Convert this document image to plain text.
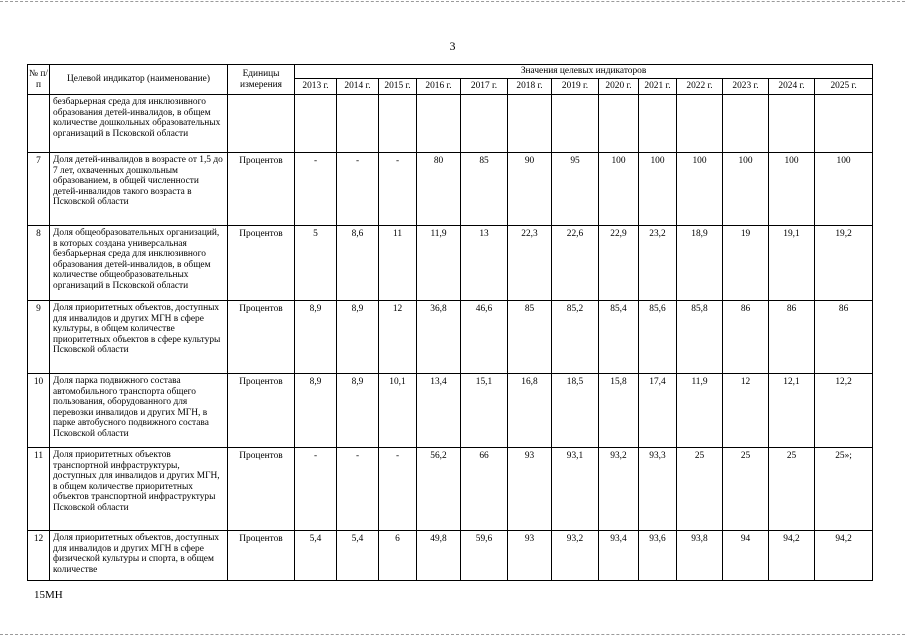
3
№ п/п	Целевой индикатор (наименование)	Единицы измерения	Значения целевых индикаторов												
			2013 г.	2014 г.	2015 г.	2016 г.	2017 г.	2018 г.	2019 г.	2020 г.	2021 г.	2022 г.	2023 г.	2024 г.	2025 г.
	безбарьерная среда для инклюзивного образования детей-инвалидов, в общем количестве дошкольных образовательных организаций в Псковской области														
7	Доля детей-инвалидов в возрасте от 1,5 до 7 лет, охваченных дошкольным образованием, в общей численности детей-инвалидов такого возраста в Псковской области	Процентов	-	-	-	80	85	90	95	100	100	100	100	100	100
8	Доля общеобразовательных организаций, в которых создана универсальная безбарьерная среда для инклюзивного образования детей-инвалидов, в общем количестве общеобразовательных организаций в Псковской области	Процентов	5	8,6	11	11,9	13	22,3	22,6	22,9	23,2	18,9	19	19,1	19,2
9	Доля приоритетных объектов, доступных для инвалидов и других МГН в сфере культуры, в общем количестве приоритетных объектов в сфере культуры Псковской области	Процентов	8,9	8,9	12	36,8	46,6	85	85,2	85,4	85,6	85,8	86	86	86
10	Доля парка подвижного состава автомобильного транспорта общего пользования, оборудованного для перевозки инвалидов и других МГН, в парке автобусного подвижного состава Псковской области	Процентов	8,9	8,9	10,1	13,4	15,1	16,8	18,5	15,8	17,4	11,9	12	12,1	12,2
11	Доля приоритетных объектов транспортной инфраструктуры, доступных для инвалидов и других МГН, в общем количестве приоритетных объектов транспортной инфраструктуры Псковской области	Процентов	-	-	-	56,2	66	93	93,1	93,2	93,3	25	25	25	25»;
12	Доля приоритетных объектов, доступных для инвалидов и других МГН в сфере физической культуры и спорта, в общем количестве	Процентов	5,4	5,4	6	49,8	59,6	93	93,2	93,4	93,6	93,8	94	94,2	94,2
15МН
